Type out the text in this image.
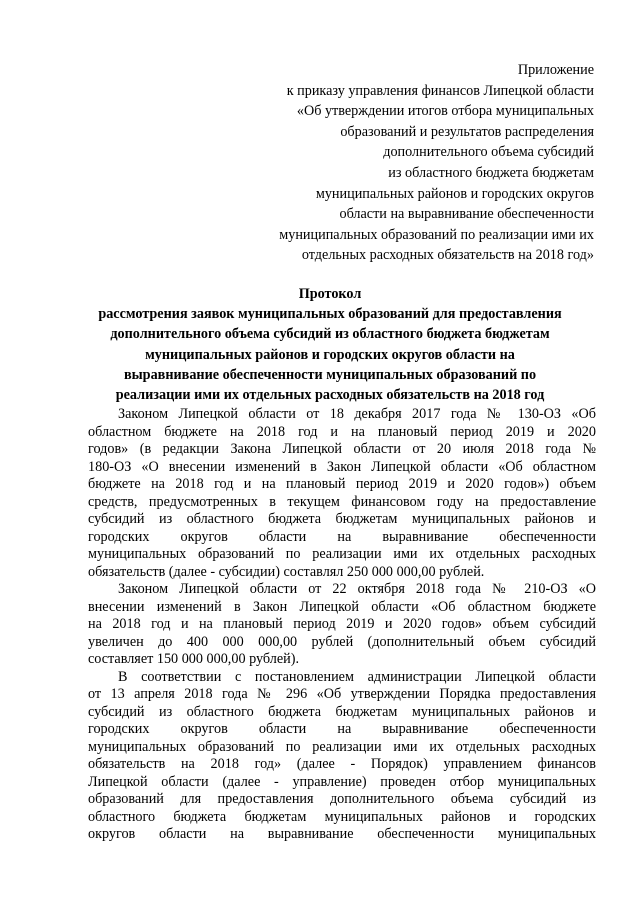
Приложение
к приказу управления финансов Липецкой области
«Об утверждении итогов отбора муниципальных
образований и результатов распределения
дополнительного объема субсидий
из областного бюджета бюджетам
муниципальных районов и городских округов
области на выравнивание обеспеченности
муниципальных образований по реализации ими их
отдельных расходных обязательств на 2018 год»
Протокол
рассмотрения заявок муниципальных образований для предоставления
дополнительного объема субсидий из областного бюджета бюджетам
муниципальных районов и городских округов области на
выравнивание обеспеченности муниципальных образований по
реализации ими их отдельных расходных обязательств на 2018 год
Законом Липецкой области от 18 декабря 2017 года № 130-ОЗ «Об
областном бюджете на 2018 год и на плановый период 2019 и 2020
годов» (в редакции Закона Липецкой области от 20 июля 2018 года №
180-ОЗ «О внесении изменений в Закон Липецкой области «Об областном
бюджете на 2018 год и на плановый период 2019 и 2020 годов») объем
средств, предусмотренных в текущем финансовом году на предоставление
субсидий из областного бюджета бюджетам муниципальных районов и
городских округов области на выравнивание обеспеченности
муниципальных образований по реализации ими их отдельных расходных
обязательств (далее - субсидии) составлял 250 000 000,00 рублей.
Законом Липецкой области от 22 октября 2018 года № 210-ОЗ «О
внесении изменений в Закон Липецкой области «Об областном бюджете
на 2018 год и на плановый период 2019 и 2020 годов» объем субсидий
увеличен до 400 000 000,00 рублей (дополнительный объем субсидий
составляет 150 000 000,00 рублей).
В соответствии с постановлением администрации Липецкой области
от 13 апреля 2018 года № 296 «Об утверждении Порядка предоставления
субсидий из областного бюджета бюджетам муниципальных районов и
городских округов области на выравнивание обеспеченности
муниципальных образований по реализации ими их отдельных расходных
обязательств на 2018 год» (далее - Порядок) управлением финансов
Липецкой области (далее - управление) проведен отбор муниципальных
образований для предоставления дополнительного объема субсидий из
областного бюджета бюджетам муниципальных районов и городских
округов области на выравнивание обеспеченности муниципальных
